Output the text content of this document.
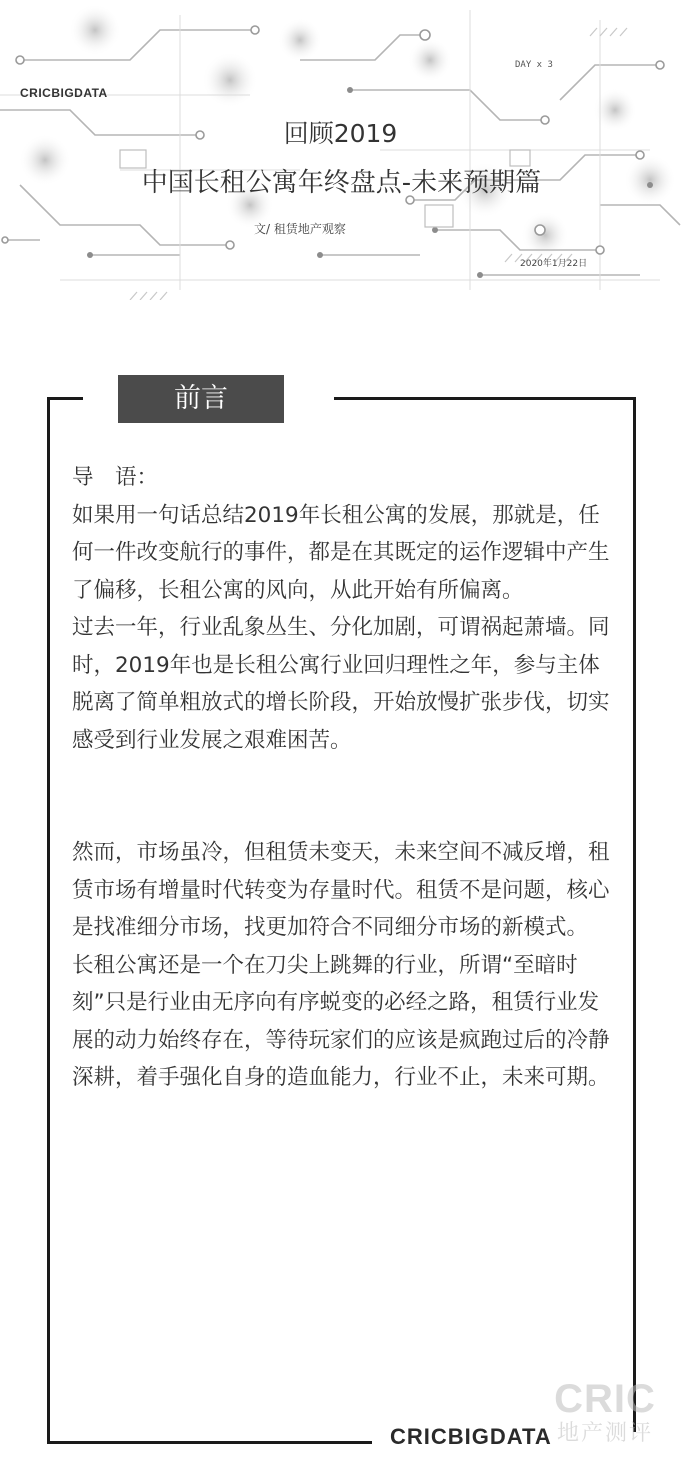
CRICBIGDATA
DAY x 3
回顾2019
中国长租公寓年终盘点-未来预期篇
文/ 租赁地产观察
2020年1月22日
前言

导　语：

如果用一句话总结2019年长租公寓的发展，那就是，任何一件改变航行的事件，都是在其既定的运作逻辑中产生了偏移，长租公寓的风向，从此开始有所偏离。

过去一年，行业乱象丛生、分化加剧，可谓祸起萧墙。同时，2019年也是长租公寓行业回归理性之年，参与主体脱离了简单粗放式的增长阶段，开始放慢扩张步伐，切实感受到行业发展之艰难困苦。

然而，市场虽冷，但租赁未变天，未来空间不减反增，租赁市场有增量时代转变为存量时代。租赁不是问题，核心是找准细分市场，找更加符合不同细分市场的新模式。

长租公寓还是一个在刀尖上跳舞的行业，所谓“至暗时刻”只是行业由无序向有序蜕变的必经之路，租赁行业发展的动力始终存在，等待玩家们的应该是疯跑过后的冷静深耕，着手强化自身的造血能力，行业不止，未来可期。

CRIC
地产测评
CRICBIGDATA
